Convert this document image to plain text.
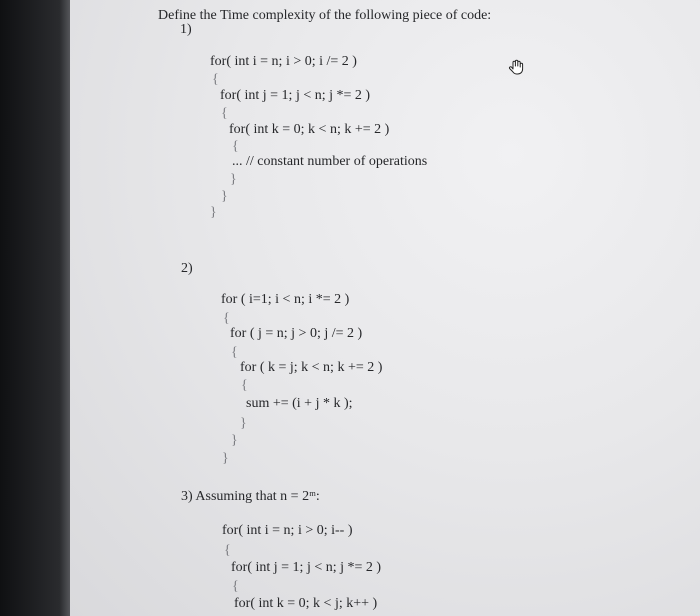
Define the Time complexity of the following piece of code:
1)
for( int i = n; i > 0; i /= 2 )
{
for( int j = 1; j < n; j *= 2 )
{
for( int k = 0; k < n; k += 2 )
{
... // constant number of operations
}
}
}
2)
for ( i=1; i < n; i *= 2 )
{
for ( j = n; j > 0; j /= 2 )
{
for ( k = j; k < n; k += 2 )
{
sum += (i + j * k );
}
}
}
3) Assuming that n = 2ᵐ:
for( int i = n; i > 0; i-- )
{
for( int j = 1; j < n; j *= 2 )
{
for( int k = 0; k < j; k++ )
